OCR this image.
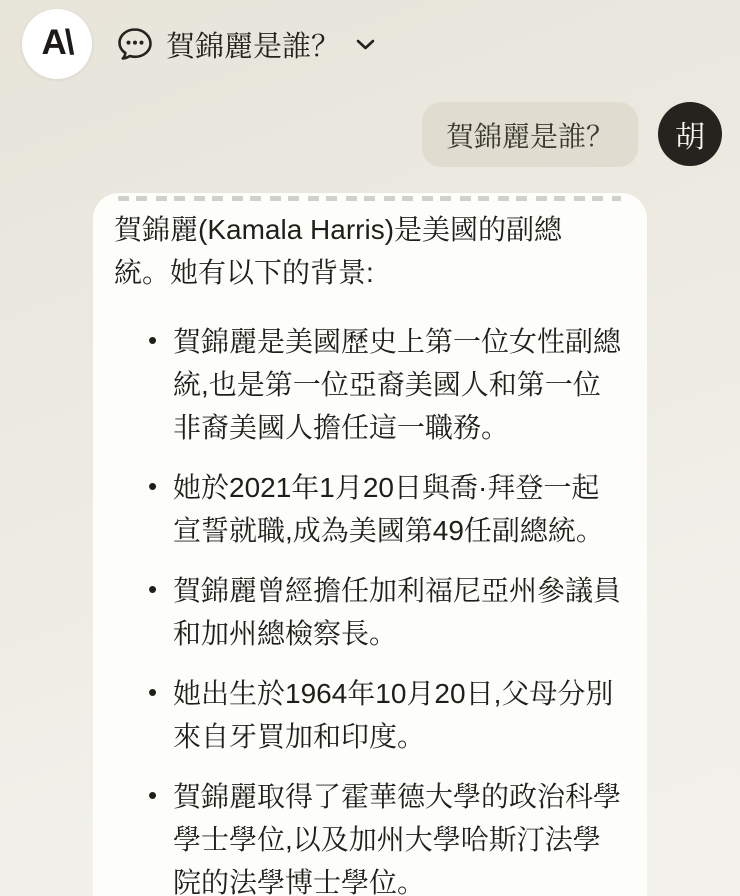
A\	賀錦麗是誰？
賀錦麗是誰？ 胡

賀錦麗(Kamala Harris)是美國的副總統。她有以下的背景:

• 賀錦麗是美國歷史上第一位女性副總統,也是第一位亞裔美國人和第一位非裔美國人擔任這一職務。
• 她於2021年1月20日與喬·拜登一起宣誓就職,成為美國第49任副總統。
• 賀錦麗曾經擔任加利福尼亞州參議員和加州總檢察長。
• 她出生於1964年10月20日,父母分別來自牙買加和印度。
• 賀錦麗取得了霍華德大學的政治科學學士學位,以及加州大學哈斯汀法學院的法學博士學位。
